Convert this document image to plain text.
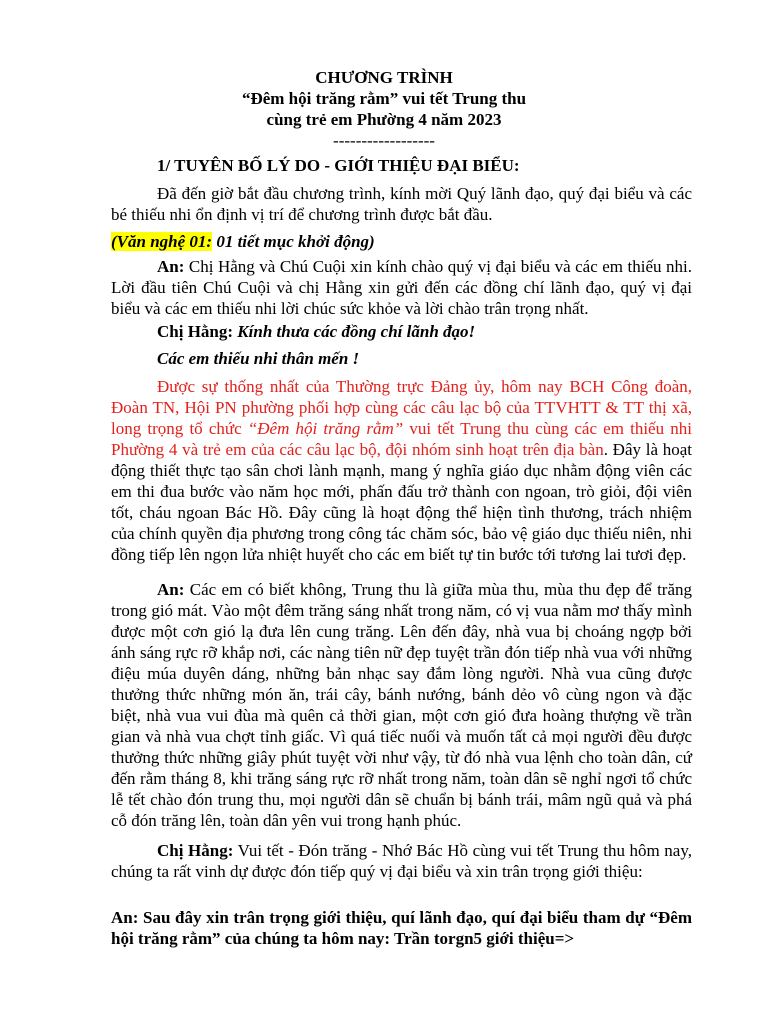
CHƯƠNG TRÌNH
“Đêm hội trăng rằm” vui tết Trung thu
cùng trẻ em Phường 4 năm 2023
------------------

1/ TUYÊN BỐ LÝ DO - GIỚI THIỆU ĐẠI BIỂU:

Đã đến giờ bắt đầu chương trình, kính mời Quý lãnh đạo, quý đại biểu và các bé thiếu nhi ổn định vị trí để chương trình được bắt đầu.

(Văn nghệ 01: 01 tiết mục khởi động)

An: Chị Hằng và Chú Cuội xin kính chào quý vị đại biểu và các em thiếu nhi. Lời đầu tiên Chú Cuội và chị Hằng xin gửi đến các đồng chí lãnh đạo, quý vị đại biểu và các em thiếu nhi lời chúc sức khỏe và lời chào trân trọng nhất.

Chị Hằng: Kính thưa các đồng chí lãnh đạo!

Các em thiếu nhi thân mến !

Được sự thống nhất của Thường trực Đảng ủy, hôm nay BCH Công đoàn, Đoàn TN, Hội PN phường phối hợp cùng các câu lạc bộ của TTVHTT & TT thị xã, long trọng tổ chức “Đêm hội trăng rằm” vui tết Trung thu cùng các em thiếu nhi Phường 4 và trẻ em của các câu lạc bộ, đội nhóm sinh hoạt trên địa bàn. Đây là hoạt động thiết thực tạo sân chơi lành mạnh, mang ý nghĩa giáo dục nhằm động viên các em thi đua bước vào năm học mới, phấn đấu trở thành con ngoan, trò giỏi, đội viên tốt, cháu ngoan Bác Hồ. Đây cũng là hoạt động thể hiện tình thương, trách nhiệm của chính quyền địa phương trong công tác chăm sóc, bảo vệ giáo dục thiếu niên, nhi đồng tiếp lên ngọn lửa nhiệt huyết cho các em biết tự tin bước tới tương lai tươi đẹp.

An: Các em có biết không, Trung thu là giữa mùa thu, mùa thu đẹp để trăng trong gió mát. Vào một đêm trăng sáng nhất trong năm, có vị vua nằm mơ thấy mình được một cơn gió lạ đưa lên cung trăng. Lên đến đây, nhà vua bị choáng ngợp bởi ánh sáng rực rỡ khắp nơi, các nàng tiên nữ đẹp tuyệt trần đón tiếp nhà vua với những điệu múa duyên dáng, những bản nhạc say đắm lòng người. Nhà vua cũng được thưởng thức những món ăn, trái cây, bánh nướng, bánh dẻo vô cùng ngon và đặc biệt, nhà vua vui đùa mà quên cả thời gian, một cơn gió đưa hoàng thượng về trần gian và nhà vua chợt tỉnh giấc. Vì quá tiếc nuối và muốn tất cả mọi người đều được thưởng thức những giây phút tuyệt vời như vậy, từ đó nhà vua lệnh cho toàn dân, cứ đến rằm tháng 8, khi trăng sáng rực rỡ nhất trong năm, toàn dân sẽ nghỉ ngơi tổ chức lễ tết chào đón trung thu, mọi người dân sẽ chuẩn bị bánh trái, mâm ngũ quả và phá cỗ đón trăng lên, toàn dân yên vui trong hạnh phúc.

Chị Hằng: Vui tết - Đón trăng - Nhớ Bác Hồ cùng vui tết Trung thu hôm nay, chúng ta rất vinh dự được đón tiếp quý vị đại biểu và xin trân trọng giới thiệu:

An: Sau đây xin trân trọng giới thiệu, quí lãnh đạo, quí đại biểu tham dự “Đêm hội trăng rằm” của chúng ta hôm nay: Trần torgn5 giới thiệu=>
